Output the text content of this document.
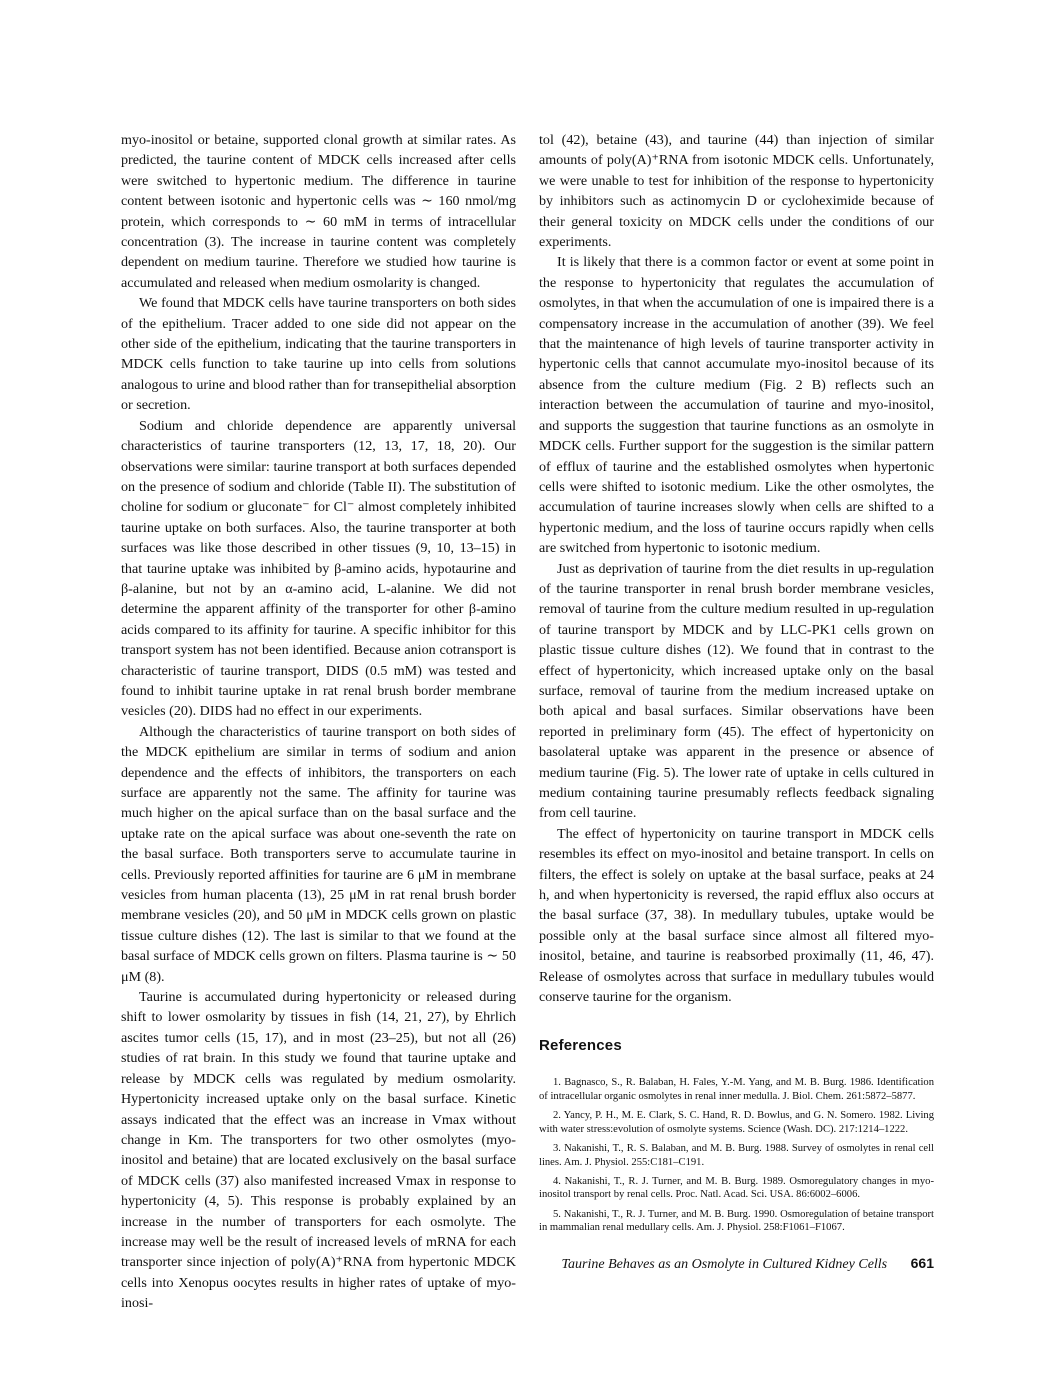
myo-inositol or betaine, supported clonal growth at similar rates. As predicted, the taurine content of MDCK cells increased after cells were switched to hypertonic medium. The difference in taurine content between isotonic and hypertonic cells was ∼ 160 nmol/mg protein, which corresponds to ∼ 60 mM in terms of intracellular concentration (3). The increase in taurine content was completely dependent on medium taurine. Therefore we studied how taurine is accumulated and released when medium osmolarity is changed.

We found that MDCK cells have taurine transporters on both sides of the epithelium. Tracer added to one side did not appear on the other side of the epithelium, indicating that the taurine transporters in MDCK cells function to take taurine up into cells from solutions analogous to urine and blood rather than for transepithelial absorption or secretion.

Sodium and chloride dependence are apparently universal characteristics of taurine transporters (12, 13, 17, 18, 20). Our observations were similar: taurine transport at both surfaces depended on the presence of sodium and chloride (Table II). The substitution of choline for sodium or gluconate⁻ for Cl⁻ almost completely inhibited taurine uptake on both surfaces. Also, the taurine transporter at both surfaces was like those described in other tissues (9, 10, 13–15) in that taurine uptake was inhibited by β-amino acids, hypotaurine and β-alanine, but not by an α-amino acid, L-alanine. We did not determine the apparent affinity of the transporter for other β-amino acids compared to its affinity for taurine. A specific inhibitor for this transport system has not been identified. Because anion cotransport is characteristic of taurine transport, DIDS (0.5 mM) was tested and found to inhibit taurine uptake in rat renal brush border membrane vesicles (20). DIDS had no effect in our experiments.

Although the characteristics of taurine transport on both sides of the MDCK epithelium are similar in terms of sodium and anion dependence and the effects of inhibitors, the transporters on each surface are apparently not the same. The affinity for taurine was much higher on the apical surface than on the basal surface and the uptake rate on the apical surface was about one-seventh the rate on the basal surface. Both transporters serve to accumulate taurine in cells. Previously reported affinities for taurine are 6 μM in membrane vesicles from human placenta (13), 25 μM in rat renal brush border membrane vesicles (20), and 50 μM in MDCK cells grown on plastic tissue culture dishes (12). The last is similar to that we found at the basal surface of MDCK cells grown on filters. Plasma taurine is ∼ 50 μM (8).

Taurine is accumulated during hypertonicity or released during shift to lower osmolarity by tissues in fish (14, 21, 27), by Ehrlich ascites tumor cells (15, 17), and in most (23–25), but not all (26) studies of rat brain. In this study we found that taurine uptake and release by MDCK cells was regulated by medium osmolarity. Hypertonicity increased uptake only on the basal surface. Kinetic assays indicated that the effect was an increase in Vmax without change in Km. The transporters for two other osmolytes (myo-inositol and betaine) that are located exclusively on the basal surface of MDCK cells (37) also manifested increased Vmax in response to hypertonicity (4, 5). This response is probably explained by an increase in the number of transporters for each osmolyte. The increase may well be the result of increased levels of mRNA for each transporter since injection of poly(A)⁺RNA from hypertonic MDCK cells into Xenopus oocytes results in higher rates of uptake of myo-inosi-

tol (42), betaine (43), and taurine (44) than injection of similar amounts of poly(A)⁺RNA from isotonic MDCK cells. Unfortunately, we were unable to test for inhibition of the response to hypertonicity by inhibitors such as actinomycin D or cycloheximide because of their general toxicity on MDCK cells under the conditions of our experiments.

It is likely that there is a common factor or event at some point in the response to hypertonicity that regulates the accumulation of osmolytes, in that when the accumulation of one is impaired there is a compensatory increase in the accumulation of another (39). We feel that the maintenance of high levels of taurine transporter activity in hypertonic cells that cannot accumulate myo-inositol because of its absence from the culture medium (Fig. 2 B) reflects such an interaction between the accumulation of taurine and myo-inositol, and supports the suggestion that taurine functions as an osmolyte in MDCK cells. Further support for the suggestion is the similar pattern of efflux of taurine and the established osmolytes when hypertonic cells were shifted to isotonic medium. Like the other osmolytes, the accumulation of taurine increases slowly when cells are shifted to a hypertonic medium, and the loss of taurine occurs rapidly when cells are switched from hypertonic to isotonic medium.

Just as deprivation of taurine from the diet results in up-regulation of the taurine transporter in renal brush border membrane vesicles, removal of taurine from the culture medium resulted in up-regulation of taurine transport by MDCK and by LLC-PK1 cells grown on plastic tissue culture dishes (12). We found that in contrast to the effect of hypertonicity, which increased uptake only on the basal surface, removal of taurine from the medium increased uptake on both apical and basal surfaces. Similar observations have been reported in preliminary form (45). The effect of hypertonicity on basolateral uptake was apparent in the presence or absence of medium taurine (Fig. 5). The lower rate of uptake in cells cultured in medium containing taurine presumably reflects feedback signaling from cell taurine.

The effect of hypertonicity on taurine transport in MDCK cells resembles its effect on myo-inositol and betaine transport. In cells on filters, the effect is solely on uptake at the basal surface, peaks at 24 h, and when hypertonicity is reversed, the rapid efflux also occurs at the basal surface (37, 38). In medullary tubules, uptake would be possible only at the basal surface since almost all filtered myo-inositol, betaine, and taurine is reabsorbed proximally (11, 46, 47). Release of osmolytes across that surface in medullary tubules would conserve taurine for the organism.

References

1. Bagnasco, S., R. Balaban, H. Fales, Y.-M. Yang, and M. B. Burg. 1986. Identification of intracellular organic osmolytes in renal inner medulla. J. Biol. Chem. 261:5872–5877.

2. Yancy, P. H., M. E. Clark, S. C. Hand, R. D. Bowlus, and G. N. Somero. 1982. Living with water stress:evolution of osmolyte systems. Science (Wash. DC). 217:1214–1222.

3. Nakanishi, T., R. S. Balaban, and M. B. Burg. 1988. Survey of osmolytes in renal cell lines. Am. J. Physiol. 255:C181–C191.

4. Nakanishi, T., R. J. Turner, and M. B. Burg. 1989. Osmoregulatory changes in myo-inositol transport by renal cells. Proc. Natl. Acad. Sci. USA. 86:6002–6006.

5. Nakanishi, T., R. J. Turner, and M. B. Burg. 1990. Osmoregulation of betaine transport in mammalian renal medullary cells. Am. J. Physiol. 258:F1061–F1067.

Taurine Behaves as an Osmolyte in Cultured Kidney Cells 661
